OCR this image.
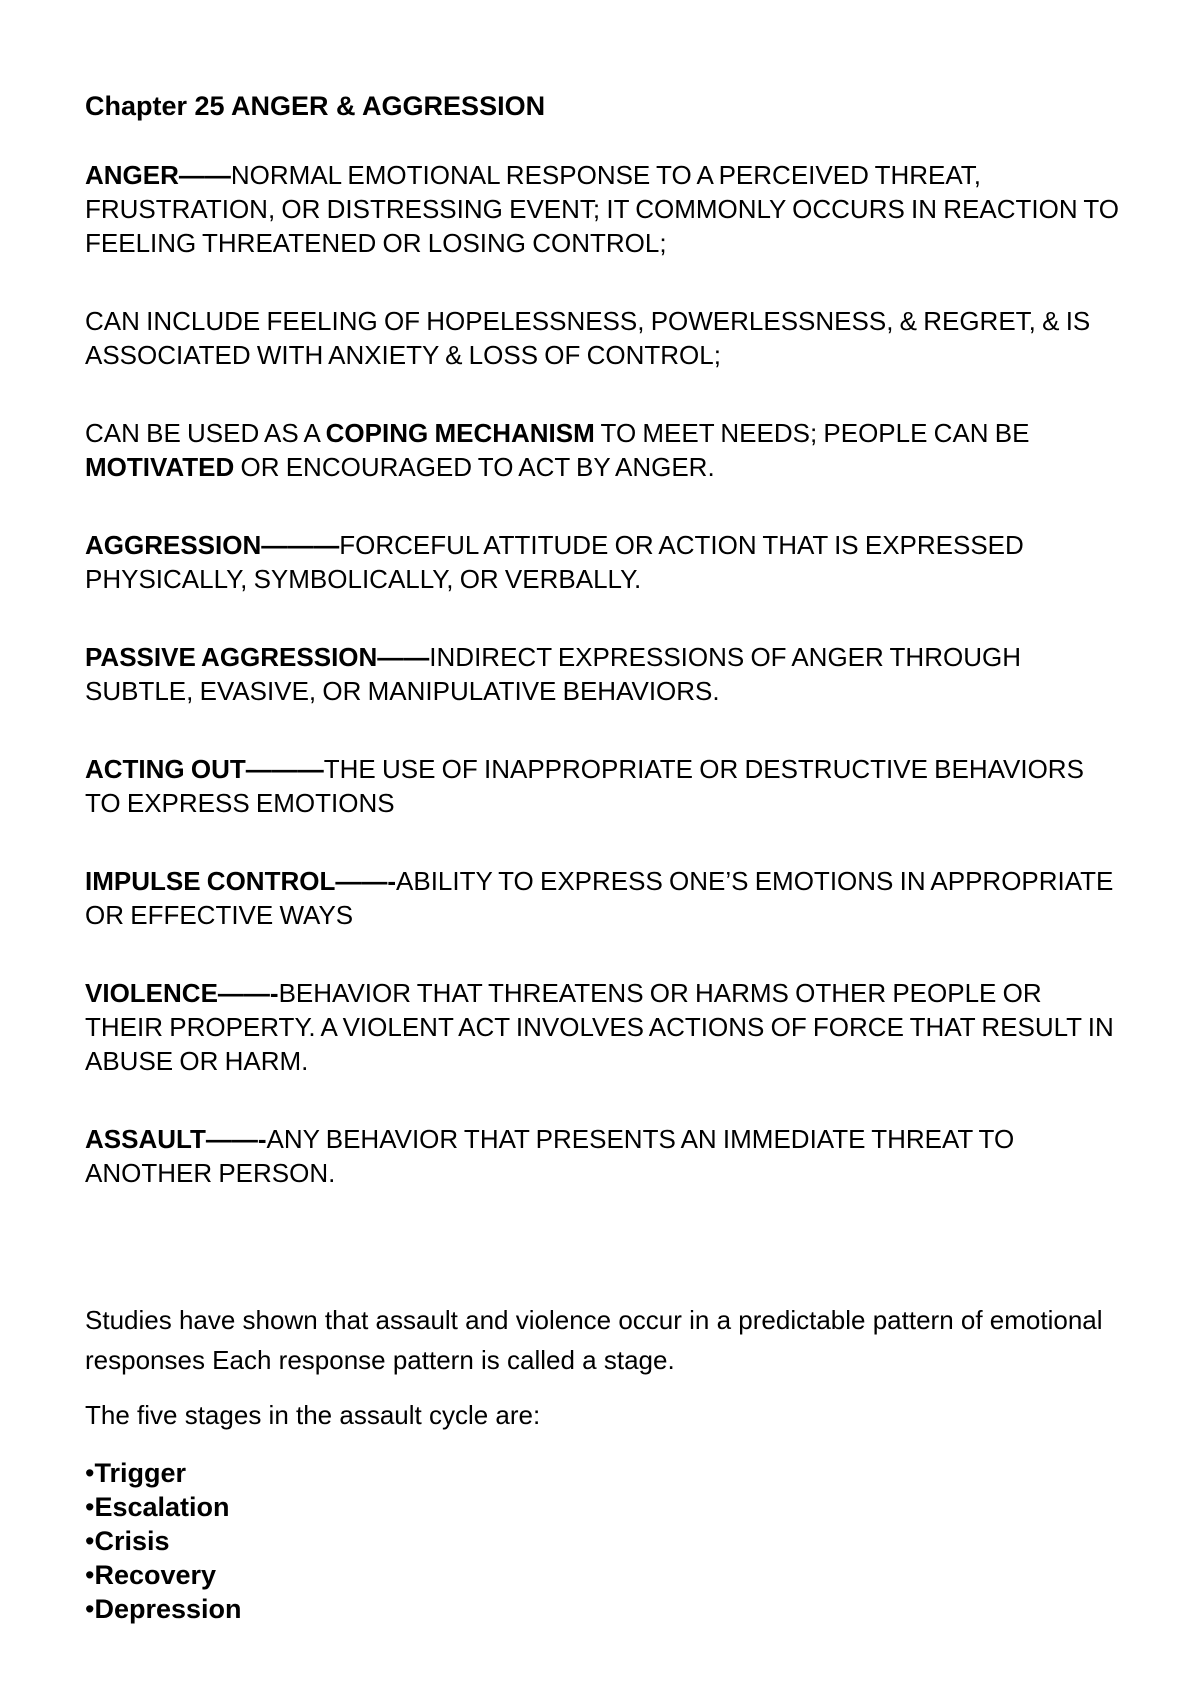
Chapter 25 ANGER & AGGRESSION

ANGER——NORMAL EMOTIONAL RESPONSE TO A PERCEIVED THREAT, FRUSTRATION, OR DISTRESSING EVENT; IT COMMONLY OCCURS IN REACTION TO FEELING THREATENED OR LOSING CONTROL;

CAN INCLUDE FEELING OF HOPELESSNESS, POWERLESSNESS, & REGRET, & IS ASSOCIATED WITH ANXIETY & LOSS OF CONTROL;

CAN BE USED AS A COPING MECHANISM TO MEET NEEDS; PEOPLE CAN BE MOTIVATED OR ENCOURAGED TO ACT BY ANGER.

AGGRESSION———FORCEFUL ATTITUDE OR ACTION THAT IS EXPRESSED PHYSICALLY, SYMBOLICALLY, OR VERBALLY.

PASSIVE AGGRESSION——INDIRECT EXPRESSIONS OF ANGER THROUGH SUBTLE, EVASIVE, OR MANIPULATIVE BEHAVIORS.

ACTING OUT———THE USE OF INAPPROPRIATE OR DESTRUCTIVE BEHAVIORS TO EXPRESS EMOTIONS

IMPULSE CONTROL——-ABILITY TO EXPRESS ONE’S EMOTIONS IN APPROPRIATE OR EFFECTIVE WAYS

VIOLENCE——-BEHAVIOR THAT THREATENS OR HARMS OTHER PEOPLE OR THEIR PROPERTY. A VIOLENT ACT INVOLVES ACTIONS OF FORCE THAT RESULT IN ABUSE OR HARM.

ASSAULT——-ANY BEHAVIOR THAT PRESENTS AN IMMEDIATE THREAT TO ANOTHER PERSON.

Studies have shown that assault and violence occur in a predictable pattern of emotional responses Each response pattern is called a stage.

The five stages in the assault cycle are:

• Trigger
• Escalation
• Crisis
• Recovery
• Depression
